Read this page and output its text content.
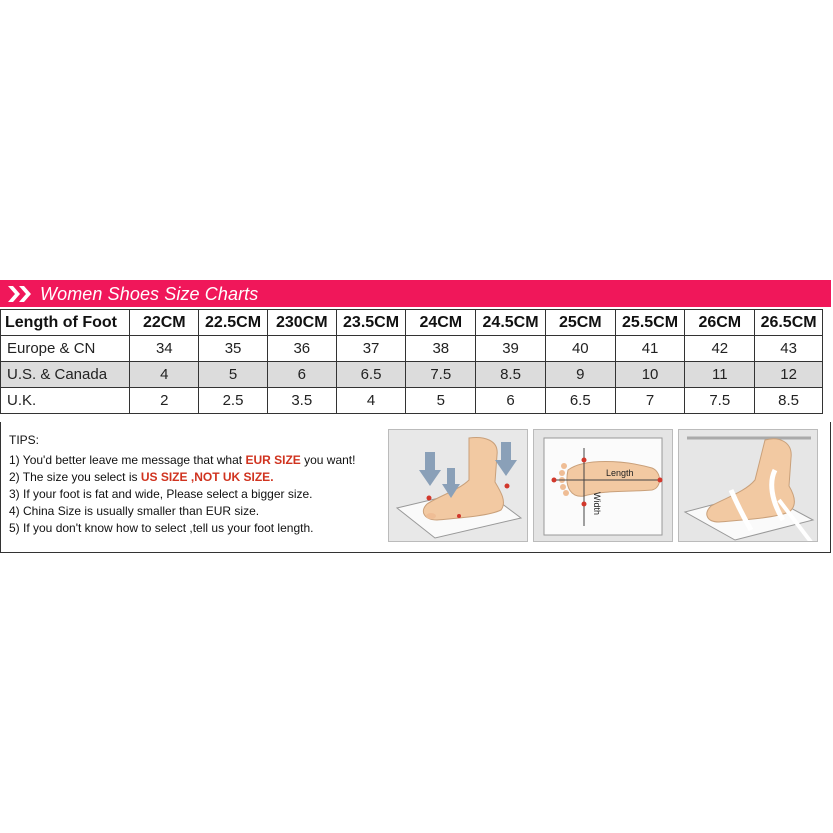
Women Shoes Size Charts
Length of Foot	22CM	22.5CM	230CM	23.5CM	24CM	24.5CM	25CM	25.5CM	26CM	26.5CM
Europe & CN	34	35	36	37	38	39	40	41	42	43
U.S. & Canada	4	5	6	6.5	7.5	8.5	9	10	11	12
U.K.	2	2.5	3.5	4	5	6	6.5	7	7.5	8.5
TIPS:
1) You'd better leave me message that what EUR SIZE you want!
2) The size you select is US SIZE ,NOT UK SIZE.
3) If your foot is fat and wide, Please select a bigger size.
4) China Size is usually smaller than EUR size.
5) If you don't know how to select ,tell us your foot length.
Length
Width
